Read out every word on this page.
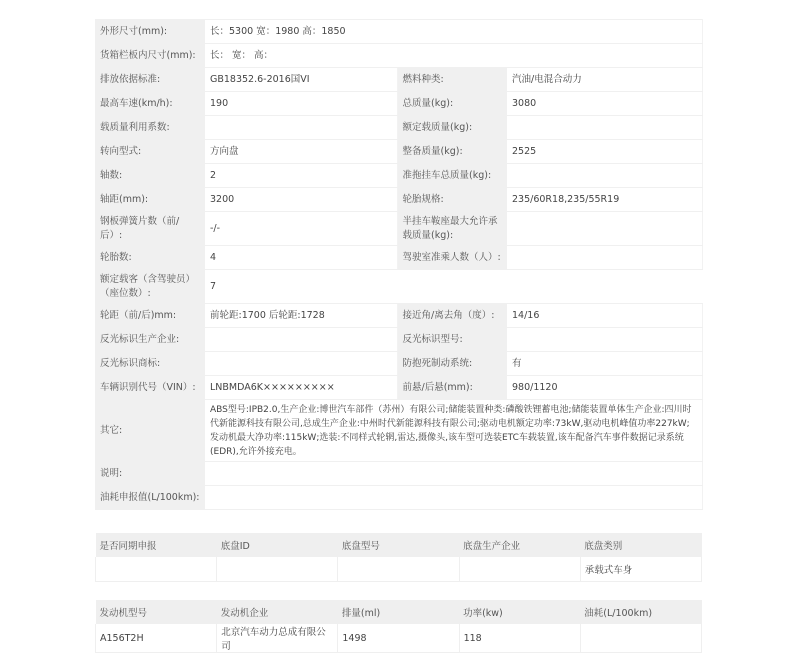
外形尺寸(mm):	长：5300 宽：1980 高：1850		
货箱栏板内尺寸(mm):	长： 宽： 高：		
排放依据标准:	GB18352.6-2016国VI	燃料种类:	汽油/电混合动力
最高车速(km/h):	190	总质量(kg):	3080
载质量利用系数:		额定载质量(kg):	
转向型式:	方向盘	整备质量(kg):	2525
轴数:	2	准拖挂车总质量(kg):	
轴距(mm):	3200	轮胎规格:	235/60R18,235/55R19
钢板弹簧片数（前/后）:	-/-	半挂车鞍座最大允许承载质量(kg):	
轮胎数:	4	驾驶室准乘人数（人）:	
额定载客（含驾驶员）（座位数）:	7		
轮距（前/后)mm:	前轮距:1700 后轮距:1728	接近角/离去角（度）:	14/16
反光标识生产企业:		反光标识型号:	
反光标识商标:		防抱死制动系统:	有
车辆识别代号（VIN）:	LNBMDA6K×××××××××	前悬/后悬(mm):	980/1120
其它:	ABS型号:IPB2.0,生产企业:博世汽车部件（苏州）有限公司;储能装置种类:磷酸铁锂蓄电池;储能装置单体生产企业:四川时代新能源科技有限公司,总成生产企业:中州时代新能源科技有限公司;驱动电机额定功率:73kW,驱动电机峰值功率227kW;发动机最大净功率:115kW;选装:不同样式轮辋,雷达,摄像头,该车型可选装ETC车载装置,该车配备汽车事件数据记录系统(EDR),允许外接充电。		
说明:			
油耗申报值(L/100km):			
是否同期申报	底盘ID	底盘型号	底盘生产企业	底盘类别
				承载式车身
发动机型号	发动机企业	排量(ml)	功率(kw)	油耗(L/100km)
A156T2H	北京汽车动力总成有限公司	1498	118	
